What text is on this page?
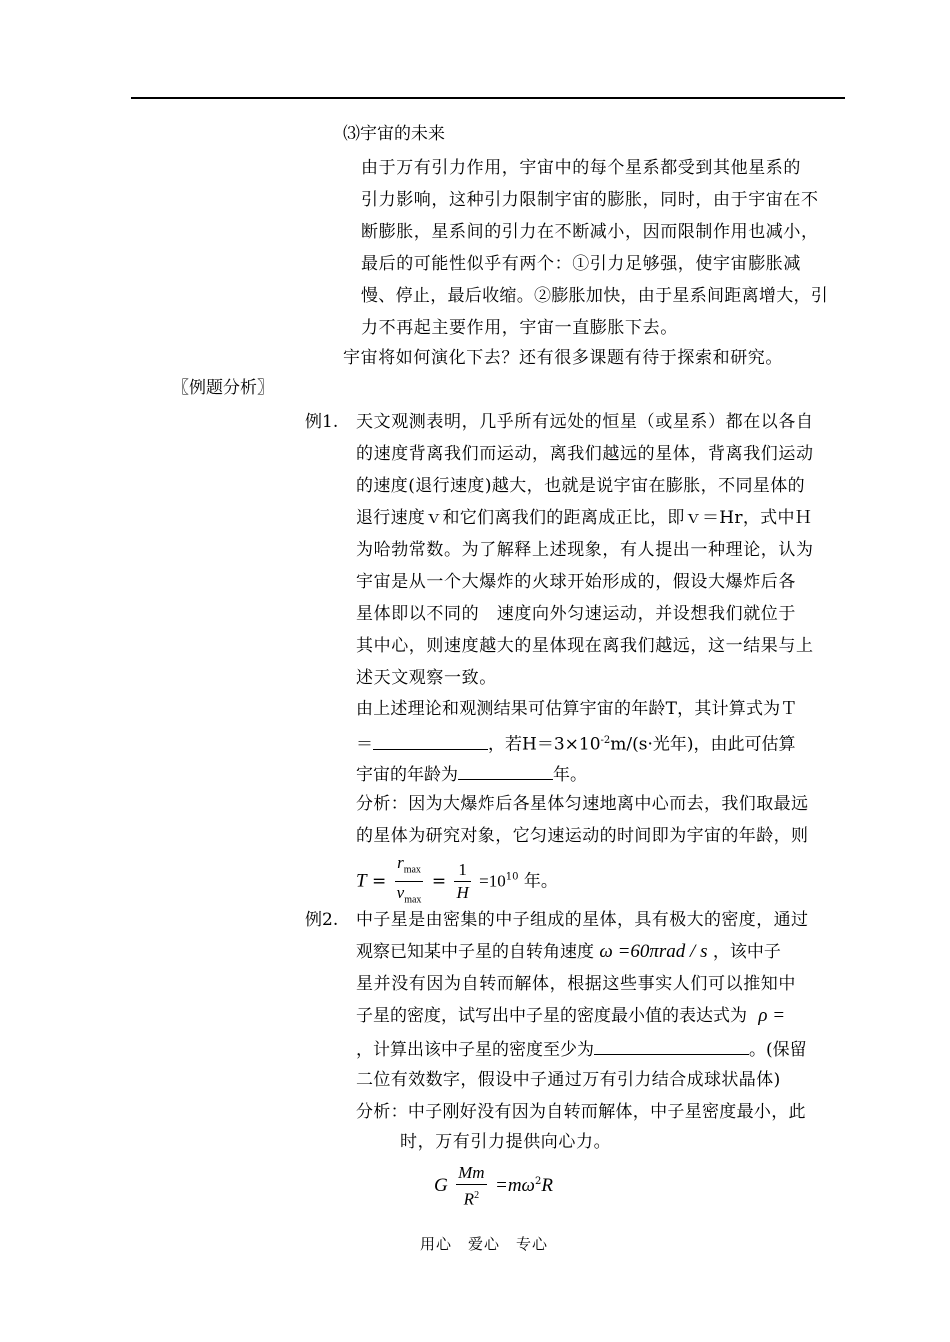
⑶宇宙的未来
由于万有引力作用，宇宙中的每个星系都受到其他星系的
引力影响，这种引力限制宇宙的膨胀，同时，由于宇宙在不
断膨胀，星系间的引力在不断减小，因而限制作用也减小，
最后的可能性似乎有两个：①引力足够强，使宇宙膨胀减
慢、停止，最后收缩。②膨胀加快，由于星系间距离增大，引
力不再起主要作用，宇宙一直膨胀下去。
宇宙将如何演化下去？还有很多课题有待于探索和研究。
〖例题分析〗
例1. 天文观测表明，几乎所有远处的恒星（或星系）都在以各自
的速度背离我们而运动，离我们越远的星体，背离我们运动
的速度(退行速度)越大，也就是说宇宙在膨胀，不同星体的
退行速度ｖ和它们离我们的距离成正比，即ｖ＝Hr，式中Ｈ
为哈勃常数。为了解释上述现象，有人提出一种理论，认为
宇宙是从一个大爆炸的火球开始形成的，假设大爆炸后各
星体即以不同的　速度向外匀速运动，并设想我们就位于
其中心，则速度越大的星体现在离我们越远，这一结果与上
述天文观察一致。
由上述理论和观测结果可估算宇宙的年龄T，其计算式为Ｔ
＝	，若$H=3\times 10^{-2}m/(s\cdot$光年)，由此可估算
宇宙的年龄为	年。
分析：因为大爆炸后各星体匀速地离中心而去，我们取最远
的星体为研究对象，它匀速运动的时间即为宇宙的年龄，则
$T = \frac{r_{max}}{v_{max}} = \frac{1}{H} =10^{10}$ 年。
例2. 中子星是由密集的中子组成的星体，具有极大的密度，通过
观察已知某中子星的自转角速度 ω =60πrad / s ，该中子
星并没有因为自转而解体，根据这些事实人们可以推知中
子星的密度，试写出中子星的密度最小值的表达式为 ρ =
，计算出该中子星的密度至少为	。(保留
二位有效数字，假设中子通过万有引力结合成球状晶体)
分析：中子刚好没有因为自转而解体，中子星密度最小，此
时，万有引力提供向心力。
G $\frac{Mm}{R^2} =m\omega^2R$
用心　爱心　专心
